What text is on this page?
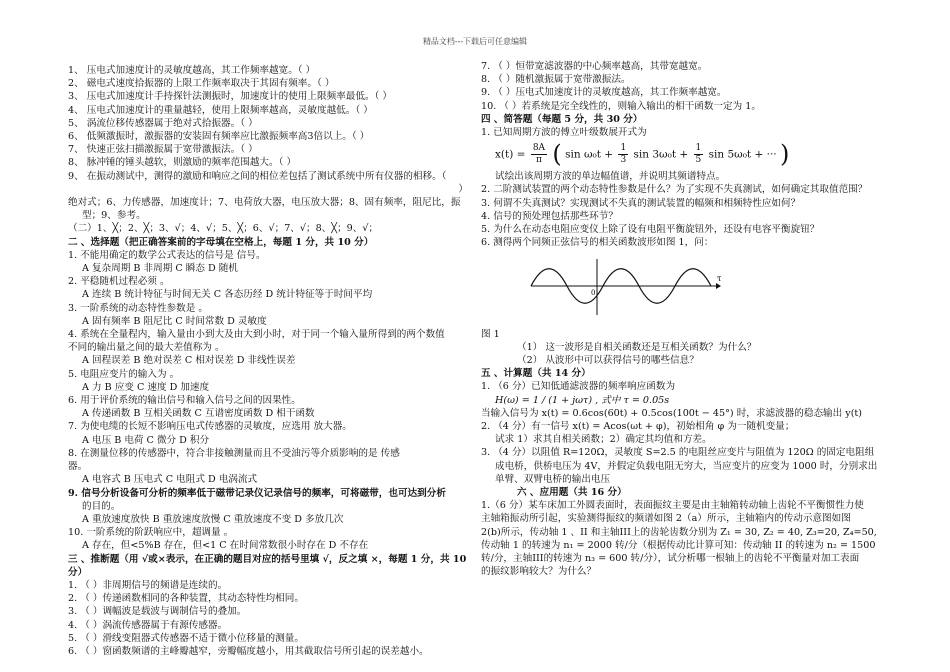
精品文档---下载后可任意编辑
1、 压电式加速度计的灵敏度越高，其工作频率越宽。（ ）
2、 磁电式速度拾振器的上限工作频率取决于其固有频率。（ ）
3、 压电式加速度计手持探针法测振时，加速度计的使用上限频率最低。（ ）
4、 压电式加速度计的重量越轻，使用上限频率越高，灵敏度越低。（ ）
5、 涡流位移传感器属于绝对式拾振器。（ ）
6、 低频激振时，激振器的安装固有频率应比激振频率高3倍以上。（ ）
7、 快速正弦扫描激振属于宽带激振法。（ ）
8、 脉冲锤的锤头越软，则激励的频率范围越大。（ ）
9、 在振动测试中，测得的激励和响应之间的相位差包括了测试系统中所有仪器的相移。（
）
绝对式；6、力传感器，加速度计；7、电荷放大器，电压放大器；8、固有频率，阻尼比，振
型；9、参考。
（二）1、╳；2、╳；3、√；4、√；5、╳；6、√；7、√；8、╳；9、√；
二 、选择题（把正确答案前的字母填在空格上，每题 1 分，共 10 分）
1. 不能用确定的数学公式表达的信号是 信号。
A 复杂周期 B 非周期 C 瞬态 D 随机
2. 平稳随机过程必须 。
A 连续 B 统计特征与时间无关 C 各态历经 D 统计特征等于时间平均
3. 一阶系统的动态特性参数是 。
A 固有频率 B 阻尼比 C 时间常数 D 灵敏度
4. 系统在全量程内，输入量由小到大及由大到小时，对于同一个输入量所得到的两个数值
不同的输出量之间的最大差值称为 。
A 回程误差 B 绝对误差 C 相对误差 D 非线性误差
5. 电阻应变片的输入为 。
A 力 B 应变 C 速度 D 加速度
6. 用于评价系统的输出信号和输入信号之间的因果性。
A 传递函数 B 互相关函数 C 互谱密度函数 D 相干函数
7. 为使电缆的长短不影响压电式传感器的灵敏度，应选用 放大器。
A 电压 B 电荷 C 微分 D 积分
8. 在测量位移的传感器中，符合非接触测量而且不受油污等介质影响的是 传感
器。
A 电容式 B 压电式 C 电阻式 D 电涡流式
9. 信号分析设备可分析的频率低于磁带记录仪记录信号的频率，可将磁带，也可达到分析
的目的。
A 重放速度放快 B 重放速度放慢 C 重放速度不变 D 多放几次
10. 一阶系统的阶跃响应中，超调量 。
A 存在，但<5%B 存在，但<1 C 在时间常数很小时存在 D 不存在
三 、推断题（用 √或×表示，在正确的题目对应的括号里填 √，反之填 ×，每题 1 分，共 10
分）
1. （ ）非周期信号的频谱是连续的。
2. （ ）传递函数相同的各种装置，其动态特性均相同。
3. （ ）调幅波是载波与调制信号的叠加。
4. （ ）涡流传感器属于有源传感器。
5. （ ）滑线变阻器式传感器不适于微小位移量的测量。
6. （ ）窗函数频谱的主峰瓣越窄，旁瓣幅度越小，用其截取信号所引起的误差越小。
7. （ ）恒带宽滤波器的中心频率越高，其带宽越宽。
8. （ ）随机激振属于宽带激振法。
9. （ ）压电式加速度计的灵敏度越高，其工作频率越宽。
10. （ ）若系统是完全线性的，则输入输出的相干函数一定为 1。
四 、简答题（每题 5 分，共 30 分）
1. 已知周期方波的傅立叶级数展开式为
$x(t) = \frac{8A}{\pi}$ ( $\sin \omega_0t + \frac{1}{3}$ $\sin 3\omega_0t + \frac{1}{5}$ sin 5ω₀t + ··· )
试绘出该周期方波的单边幅值谱，并说明其频谱特点。
2. 二阶测试装置的两个动态特性参数是什么？为了实现不失真测试，如何确定其取值范围？
3. 何谓不失真测试？实现测试不失真的测试装置的幅频和相频特性应如何？
4. 信号的预处理包括那些环节？
5. 为什么在动态电阻应变仪上除了设有电阻平衡旋钮外，还设有电容平衡旋钮？
6. 测得两个同频正弦信号的相关函数波形如图 1，问：
τ
0
图 1
（1） 这一波形是自相关函数还是互相关函数？为什么？
（2） 从波形中可以获得信号的哪些信息？
五 、计算题（共 14 分）
1. （6 分）已知低通滤波器的频率响应函数为
H(ω) = 1 / (1 + jωτ) , 式中 τ = 0.05s
当输入信号为 x(t) = 0.6cos(60t) + 0.5cos(100t − 45°) 时，求滤波器的稳态输出 y(t)
2. （4 分）有一信号 x(t) = Acos(ωt + φ)，初始相角 φ 为一随机变量；
试求 1）求其自相关函数；2）确定其均值和方差。
3. （4 分）以阻值 R=120Ω，灵敏度 S=2.5 的电阻丝应变片与阻值为 120Ω 的固定电阻组
成电桥，供桥电压为 4V，并假定负载电阻无穷大，当应变片的应变为 1000 时，分别求出
单臂、双臂电桥的输出电压
六 、应用题（共 16 分）
1.（6 分）某车床加工外圆表面时，表面振纹主要是由主轴箱转动轴上齿轮不平衡惯性力使
主轴箱振动所引起，实验测得振纹的频谱如图 2（a）所示，主轴箱内的传动示意图如图
2(b)所示，传动轴 1 、II 和主轴III上的齿轮齿数分别为 Z₁ = 30, Z₂ = 40, Z₃=20, Z₄=50,
传动轴 1 的转速为 n₁ = 2000 转/分（根据传动比计算可知：传动轴 II 的转速为 n₂ = 1500
转/分，主轴III的转速为 n₃ = 600 转/分），试分析哪一根轴上的齿轮不平衡量对加工表面
的振纹影响较大？为什么？
